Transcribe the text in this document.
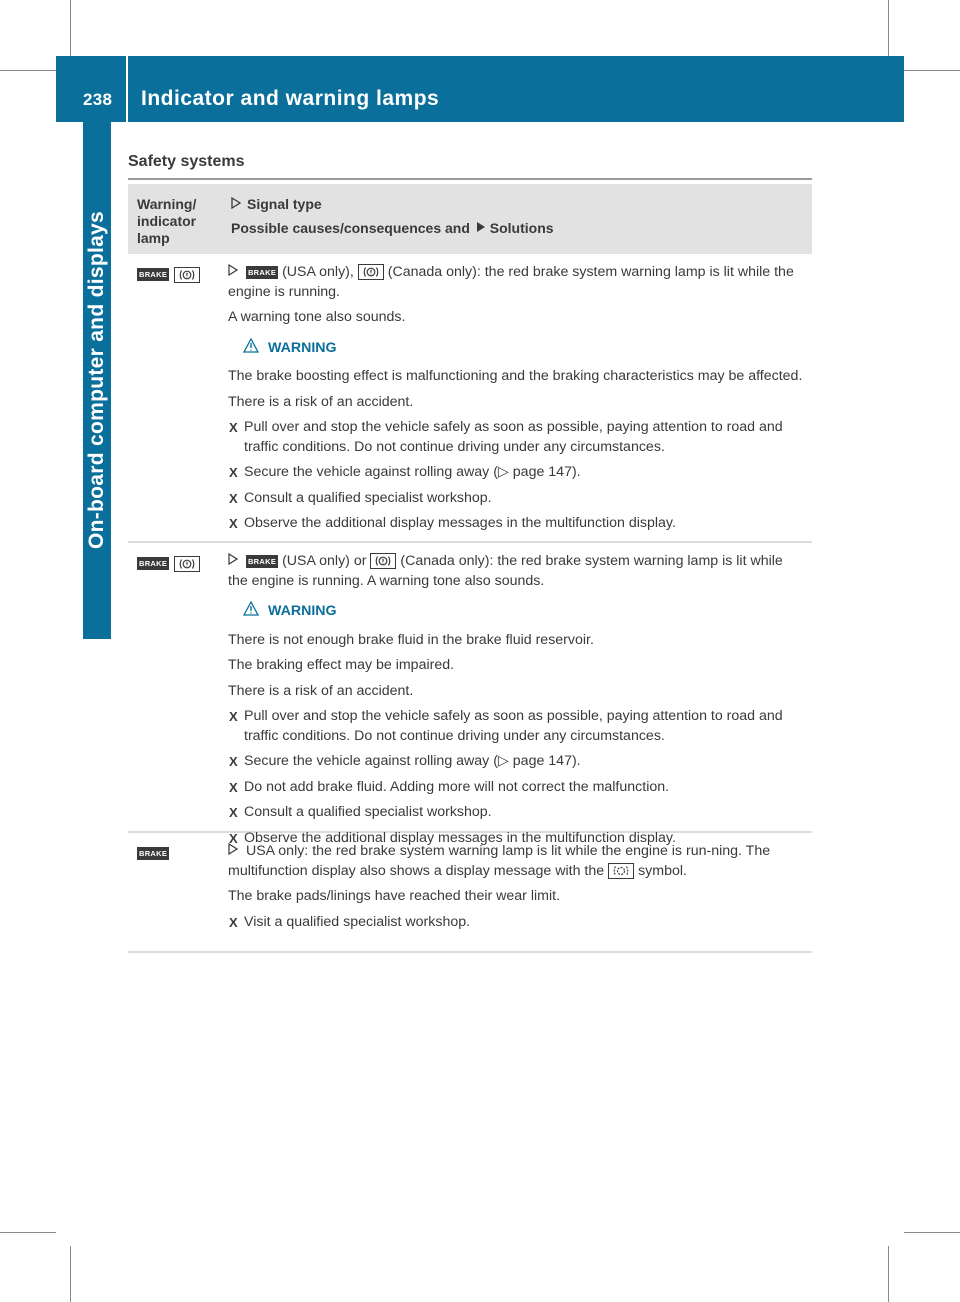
238	Indicator and warning lamps
On-board computer and displays
Safety systems
Warning/ indicator lamp
Signal type
Possible causes/consequences and Solutions
BRAKE	BRAKE (USA only), (Canada only): the red brake system warning lamp is lit while the engine is running.

A warning tone also sounds.

WARNING

The brake boosting effect is malfunctioning and the braking characteristics may be affected.

There is a risk of an accident.

X Pull over and stop the vehicle safely as soon as possible, paying attention to road and traffic conditions. Do not continue driving under any circumstances.
X Secure the vehicle against rolling away (▷ page 147).
X Consult a qualified specialist workshop.
X Observe the additional display messages in the multifunction display.
BRAKE	BRAKE (USA only) or (Canada only): the red brake system warning lamp is lit while the engine is running. A warning tone also sounds.

WARNING

There is not enough brake fluid in the brake fluid reservoir.

The braking effect may be impaired.

There is a risk of an accident.

X Pull over and stop the vehicle safely as soon as possible, paying attention to road and traffic conditions. Do not continue driving under any circumstances.
X Secure the vehicle against rolling away (▷ page 147).
X Do not add brake fluid. Adding more will not correct the malfunction.
X Consult a qualified specialist workshop.
X Observe the additional display messages in the multifunction display.
BRAKE	USA only: the red brake system warning lamp is lit while the engine is run-ning. The multifunction display also shows a display message with the symbol.

The brake pads/linings have reached their wear limit.

X Visit a qualified specialist workshop.
